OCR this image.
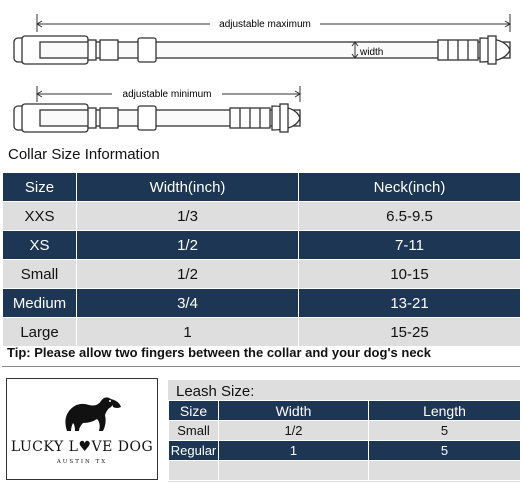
adjustable maximum
width
adjustable minimum
Collar Size Information
Size	Width(inch)	Neck(inch)
XXS	1/3	6.5-9.5
XS	1/2	7-11
Small	1/2	10-15
Medium	3/4	13-21
Large	1	15-25
Tip: Please allow two fingers between the collar and your dog's neck
LUCKY L♥VE DOG
AUSTIN TX
Leash Size:
Size	Width	Length
Small	1/2	5
Regular	1	5
